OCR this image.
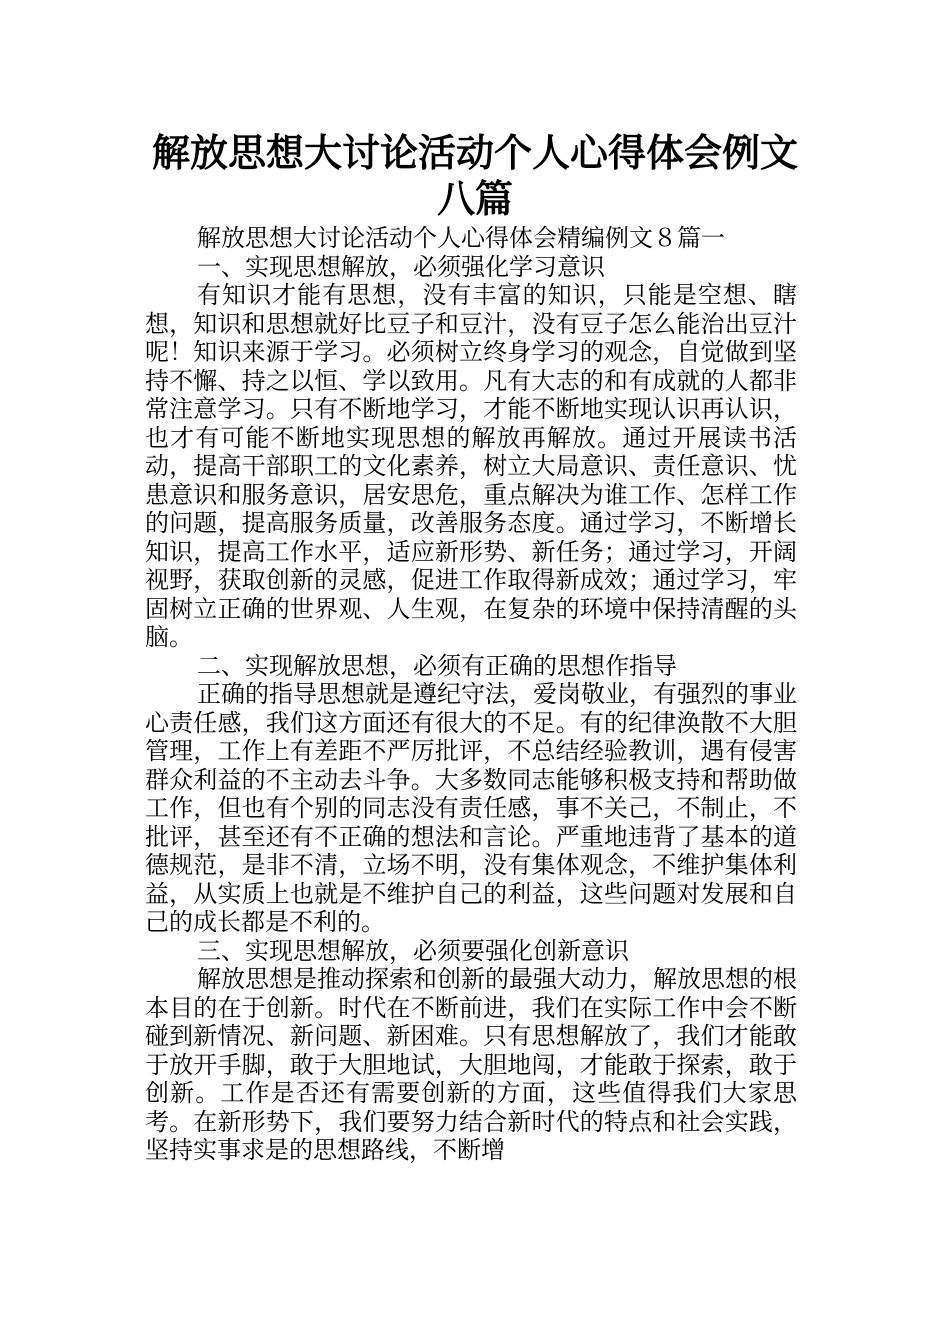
解放思想大讨论活动个人心得体会例文八篇

解放思想大讨论活动个人心得体会精编例文８篇一

一、实现思想解放，必须强化学习意识

有知识才能有思想，没有丰富的知识，只能是空想、瞎想，知识和思想就好比豆子和豆汁，没有豆子怎么能治出豆汁呢！知识来源于学习。必须树立终身学习的观念，自觉做到坚持不懈、持之以恒、学以致用。凡有大志的和有成就的人都非常注意学习。只有不断地学习，才能不断地实现认识再认识，也才有可能不断地实现思想的解放再解放。通过开展读书活动，提高干部职工的文化素养，树立大局意识、责任意识、忧患意识和服务意识，居安思危，重点解决为谁工作、怎样工作的问题，提高服务质量，改善服务态度。通过学习，不断增长知识，提高工作水平，适应新形势、新任务；通过学习，开阔视野，获取创新的灵感，促进工作取得新成效；通过学习，牢固树立正确的世界观、人生观，在复杂的环境中保持清醒的头脑。

二、实现解放思想，必须有正确的思想作指导

正确的指导思想就是遵纪守法，爱岗敬业，有强烈的事业心责任感，我们这方面还有很大的不足。有的纪律涣散不大胆管理，工作上有差距不严厉批评，不总结经验教训，遇有侵害群众利益的不主动去斗争。大多数同志能够积极支持和帮助做工作，但也有个别的同志没有责任感，事不关己，不制止，不批评，甚至还有不正确的想法和言论。严重地违背了基本的道德规范，是非不清，立场不明，没有集体观念，不维护集体利益，从实质上也就是不维护自己的利益，这些问题对发展和自己的成长都是不利的。

三、实现思想解放，必须要强化创新意识

解放思想是推动探索和创新的最强大动力，解放思想的根本目的在于创新。时代在不断前进，我们在实际工作中会不断碰到新情况、新问题、新困难。只有思想解放了，我们才能敢于放开手脚，敢于大胆地试，大胆地闯，才能敢于探索，敢于创新。工作是否还有需要创新的方面，这些值得我们大家思考。在新形势下，我们要努力结合新时代的特点和社会实践，坚持实事求是的思想路线，不断增
